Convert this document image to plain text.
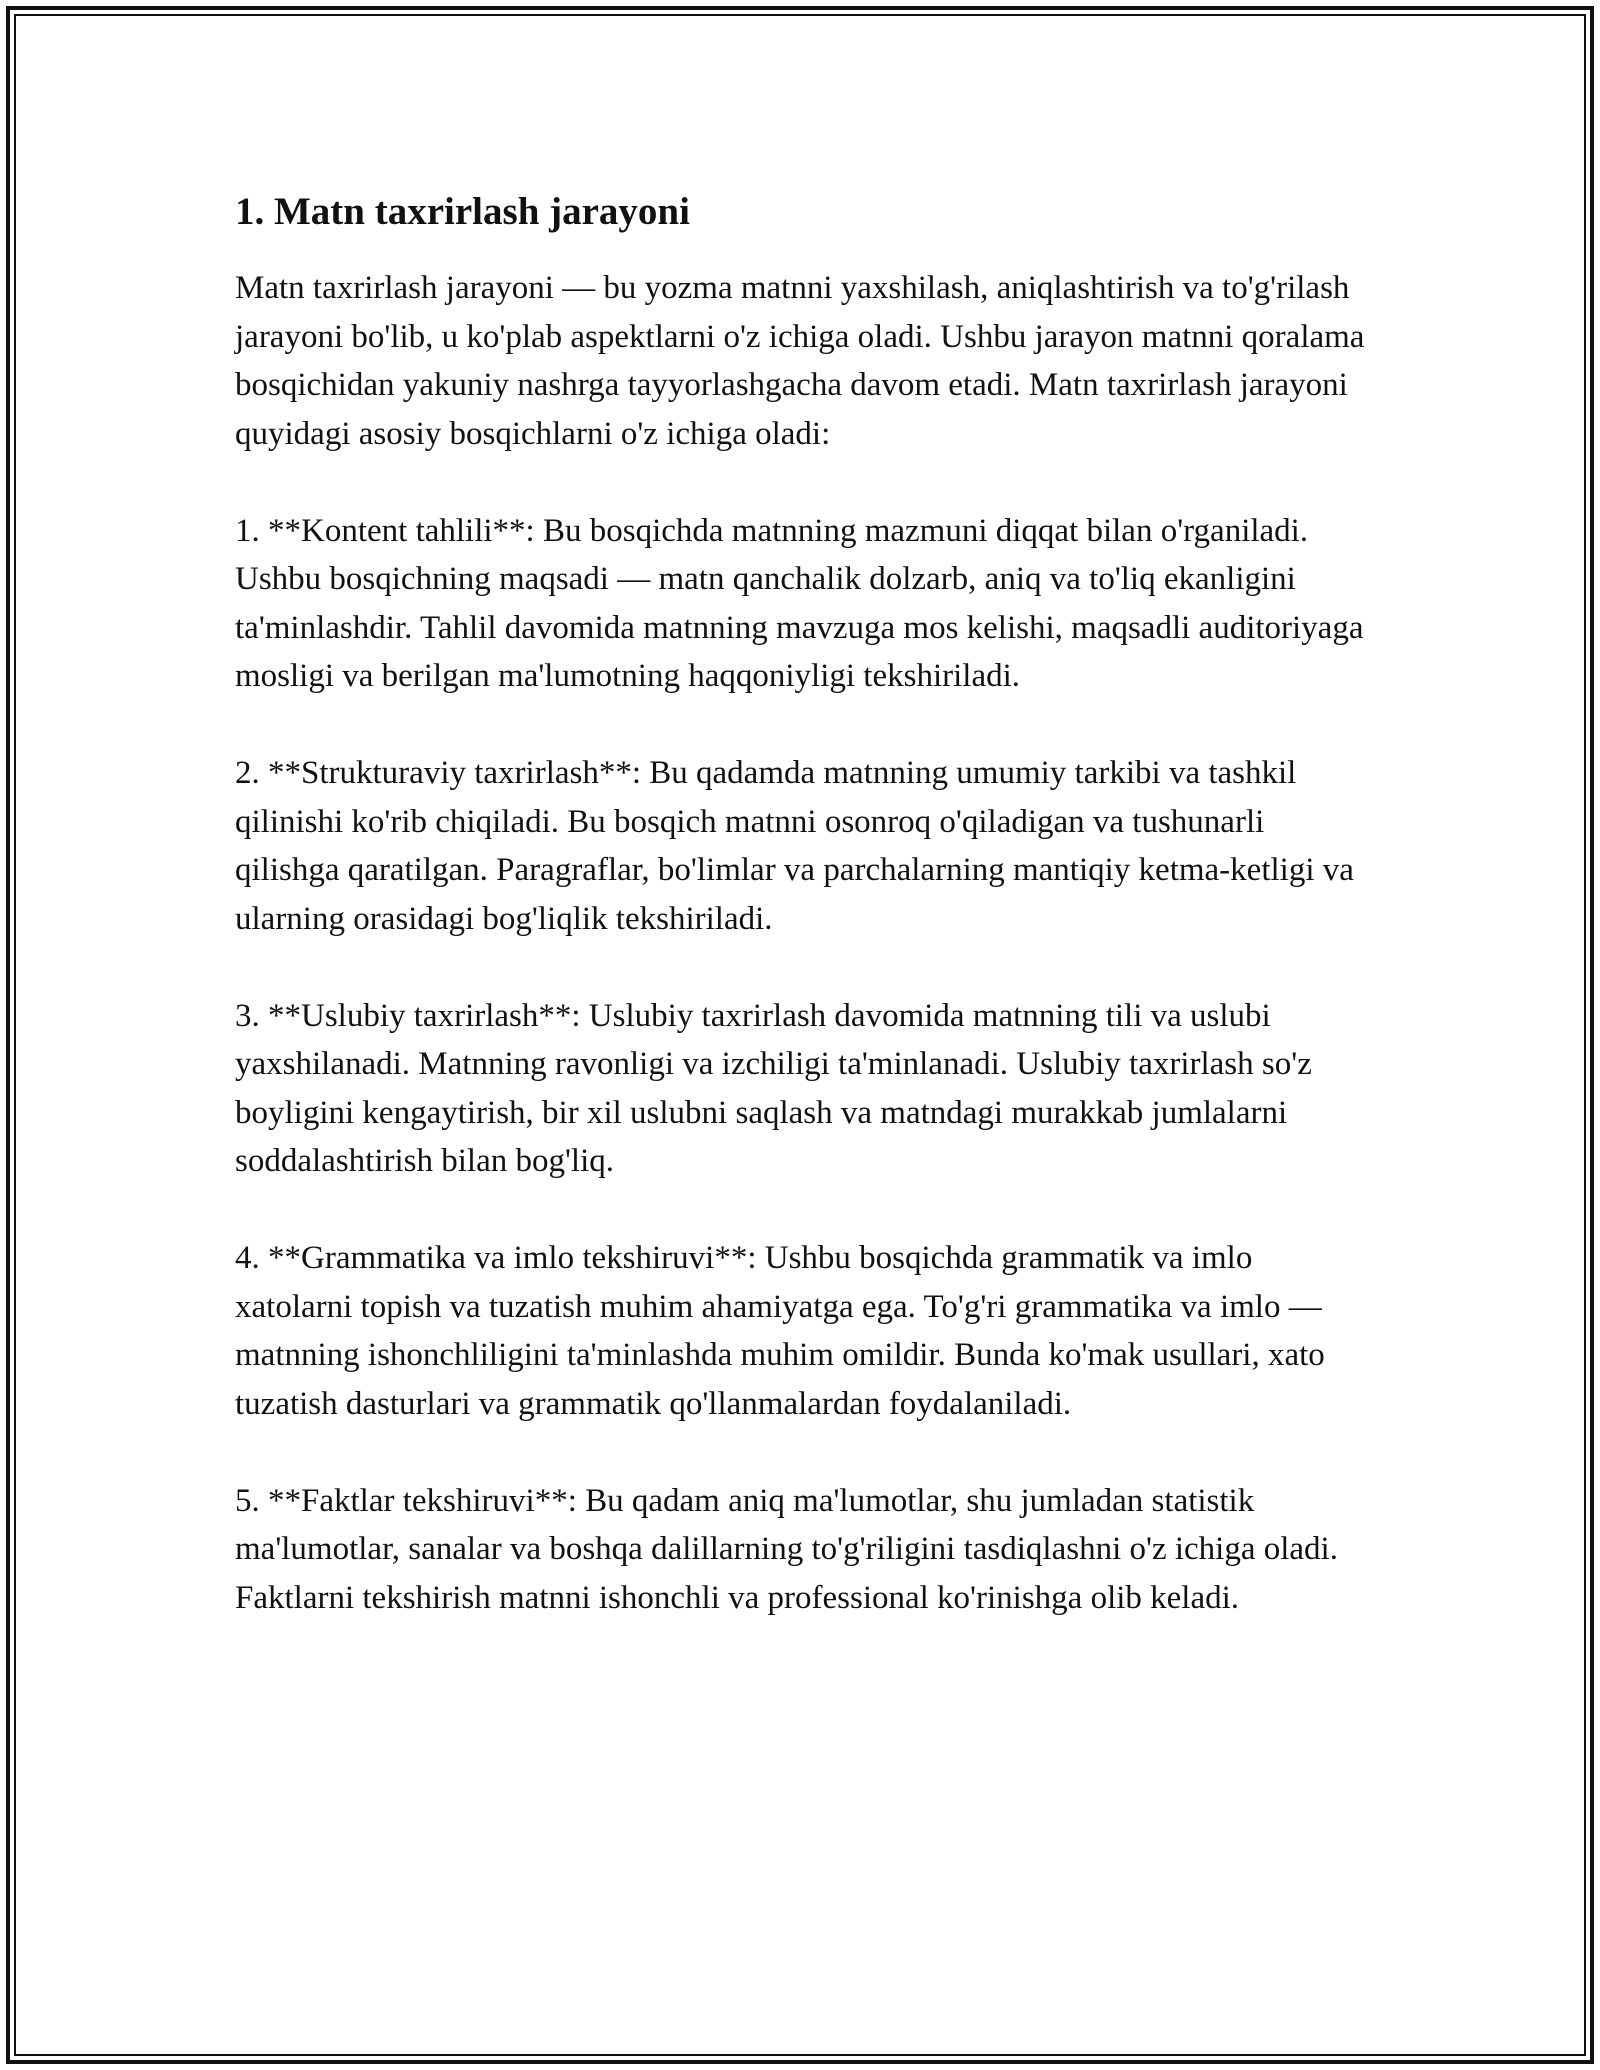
1. Matn taxrirlash jarayoni

Matn taxrirlash jarayoni — bu yozma matnni yaxshilash, aniqlashtirish va to'g'rilash jarayoni bo'lib, u ko'plab aspektlarni o'z ichiga oladi. Ushbu jarayon matnni qoralama bosqichidan yakuniy nashrga tayyorlashgacha davom etadi. Matn taxrirlash jarayoni quyidagi asosiy bosqichlarni o'z ichiga oladi:

1. **Kontent tahlili**: Bu bosqichda matnning mazmuni diqqat bilan o'rganiladi. Ushbu bosqichning maqsadi — matn qanchalik dolzarb, aniq va to'liq ekanligini ta'minlashdir. Tahlil davomida matnning mavzuga mos kelishi, maqsadli auditoriyaga mosligi va berilgan ma'lumotning haqqoniyligi tekshiriladi.

2. **Strukturaviy taxrirlash**: Bu qadamda matnning umumiy tarkibi va tashkil qilinishi ko'rib chiqiladi. Bu bosqich matnni osonroq o'qiladigan va tushunarli qilishga qaratilgan. Paragraflar, bo'limlar va parchalarning mantiqiy ketma-ketligi va ularning orasidagi bog'liqlik tekshiriladi.

3. **Uslubiy taxrirlash**: Uslubiy taxrirlash davomida matnning tili va uslubi yaxshilanadi. Matnning ravonligi va izchiligi ta'minlanadi. Uslubiy taxrirlash so'z boyligini kengaytirish, bir xil uslubni saqlash va matndagi murakkab jumlalarni soddalashtirish bilan bog'liq.

4. **Grammatika va imlo tekshiruvi**: Ushbu bosqichda grammatik va imlo xatolarni topish va tuzatish muhim ahamiyatga ega. To'g'ri grammatika va imlo — matnning ishonchliligini ta'minlashda muhim omildir. Bunda ko'mak usullari, xato tuzatish dasturlari va grammatik qo'llanmalardan foydalaniladi.

5. **Faktlar tekshiruvi**: Bu qadam aniq ma'lumotlar, shu jumladan statistik ma'lumotlar, sanalar va boshqa dalillarning to'g'riligini tasdiqlashni o'z ichiga oladi. Faktlarni tekshirish matnni ishonchli va professional ko'rinishga olib keladi.
